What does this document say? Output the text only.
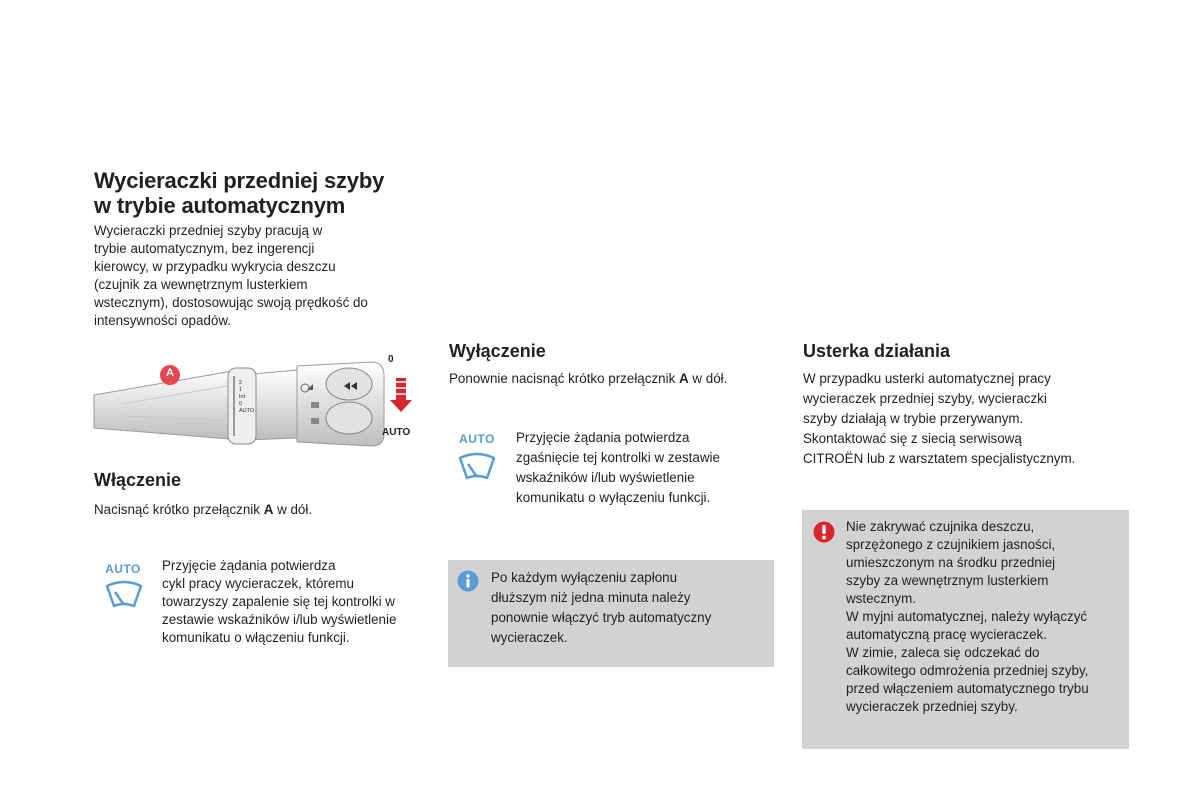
Wycieraczki przedniej szyby
w trybie automatycznym

Wycieraczki przedniej szyby pracują w

trybie automatycznym, bez ingerencji

kierowcy, w przypadku wykrycia deszczu

(czujnik za wewnętrznym lusterkiem

wstecznym), dostosowując swoją prędkość do

intensywności opadów.

A
0
AUTO
2
1
Int
0
AUTO
Włączenie

Nacisnąć krótko przełącznik A w dół.

AUTO	Przyjęcie żądania potwierdza

cykl pracy wycieraczek, któremu

towarzyszy zapalenie się tej kontrolki w

zestawie wskaźników i/lub wyświetlenie

komunikatu o włączeniu funkcji.

Wyłączenie

Ponownie nacisnąć krótko przełącznik A w dół.

AUTO	Przyjęcie żądania potwierdza

zgaśnięcie tej kontrolki w zestawie

wskaźników i/lub wyświetlenie

komunikatu o wyłączeniu funkcji.

Po każdym wyłączeniu zapłonu

dłuższym niż jedna minuta należy

ponownie włączyć tryb automatyczny

wycieraczek.

Usterka działania

W przypadku usterki automatycznej pracy

wycieraczek przedniej szyby, wycieraczki

szyby działają w trybie przerywanym.

Skontaktować się z siecią serwisową

CITROËN lub z warsztatem specjalistycznym.

Nie zakrywać czujnika deszczu,

sprzężonego z czujnikiem jasności,

umieszczonym na środku przedniej

szyby za wewnętrznym lusterkiem

wstecznym.

W myjni automatycznej, należy wyłączyć

automatyczną pracę wycieraczek.

W zimie, zaleca się odczekać do

całkowitego odmrożenia przedniej szyby,

przed włączeniem automatycznego trybu

wycieraczek przedniej szyby.
